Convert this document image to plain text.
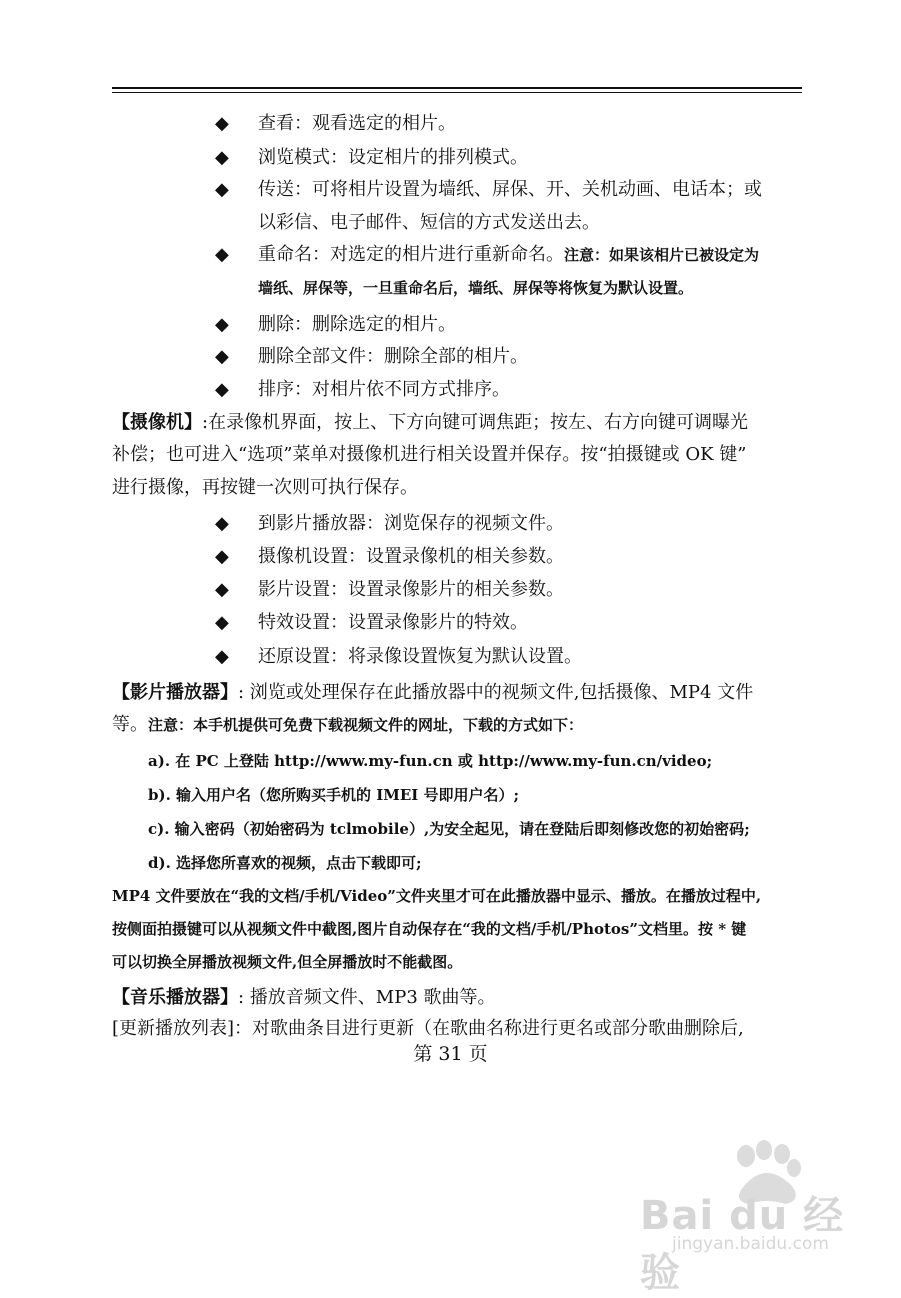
◆ 查看：观看选定的相片。
◆ 浏览模式：设定相片的排列模式。
◆ 传送：可将相片设置为墙纸、屏保、开、关机动画、电话本；或
以彩信、电子邮件、短信的方式发送出去。
◆ 重命名：对选定的相片进行重新命名。注意：如果该相片已被设定为
墙纸、屏保等，一旦重命名后，墙纸、屏保等将恢复为默认设置。
◆ 删除：删除选定的相片。
◆ 删除全部文件：删除全部的相片。
◆ 排序：对相片依不同方式排序。
【摄像机】:在录像机界面，按上、下方向键可调焦距；按左、右方向键可调曝光
补偿；也可进入“选项”菜单对摄像机进行相关设置并保存。按“拍摄键或 OK 键”
进行摄像，再按键一次则可执行保存。
◆ 到影片播放器：浏览保存的视频文件。
◆ 摄像机设置：设置录像机的相关参数。
◆ 影片设置：设置录像影片的相关参数。
◆ 特效设置：设置录像影片的特效。
◆ 还原设置：将录像设置恢复为默认设置。
【影片播放器】: 浏览或处理保存在此播放器中的视频文件,包括摄像、MP4 文件
等。注意：本手机提供可免费下载视频文件的网址，下载的方式如下：
a). 在 PC 上登陆 http://www.my-fun.cn 或 http://www.my-fun.cn/video;
b). 输入用户名（您所购买手机的 IMEI 号即用户名）;
c). 输入密码（初始密码为 tclmobile）,为安全起见，请在登陆后即刻修改您的初始密码;
d). 选择您所喜欢的视频，点击下载即可;
MP4 文件要放在“我的文档/手机/Video”文件夹里才可在此播放器中显示、播放。在播放过程中,
按侧面拍摄键可以从视频文件中截图,图片自动保存在“我的文档/手机/Photos”文档里。按 * 键
可以切换全屏播放视频文件,但全屏播放时不能截图。
【音乐播放器】: 播放音频文件、MP3 歌曲等。
[更新播放列表]：对歌曲条目进行更新（在歌曲名称进行更名或部分歌曲删除后,
第 31 页
Bai du 经验
jingyan.baidu.com
